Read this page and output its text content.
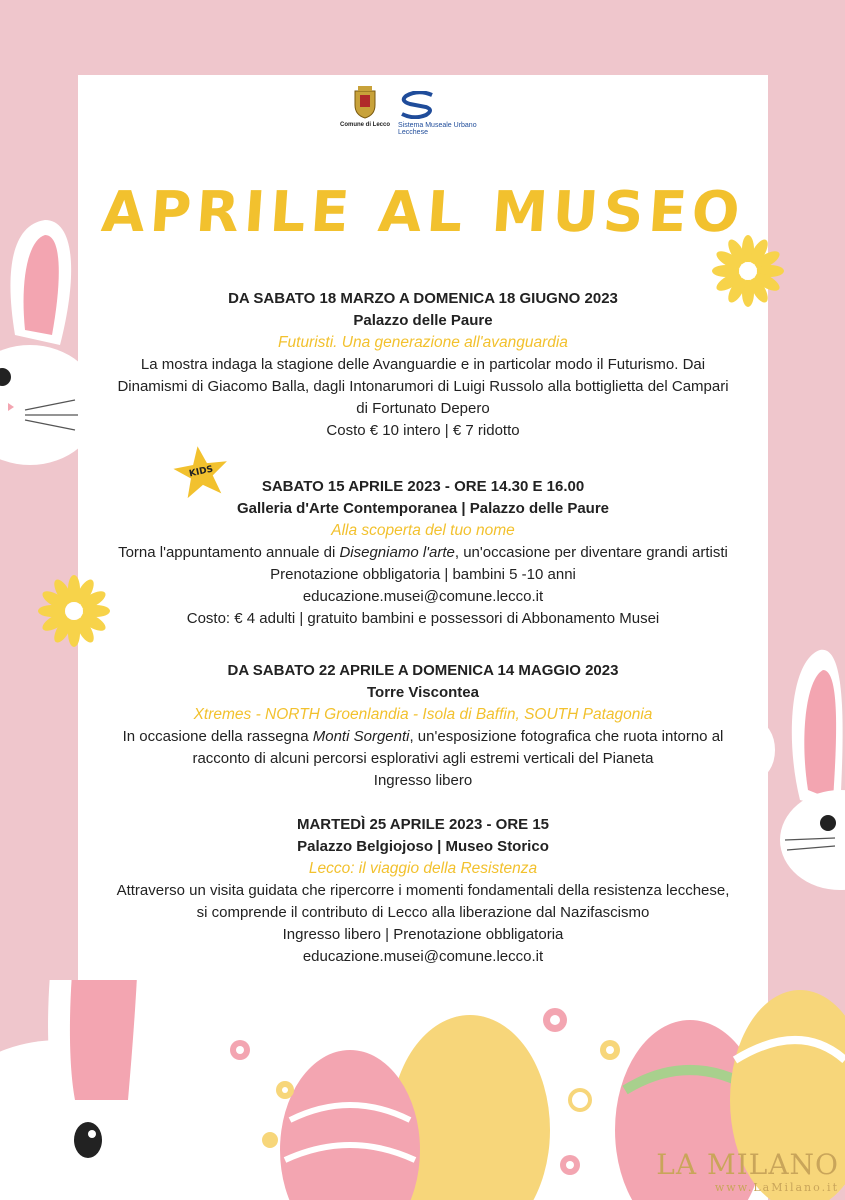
Comune di Lecco Sistema Museale Urbano Lecchese
APRILE AL MUSEO
KIDS
DA SABATO 18 MARZO A DOMENICA 18 GIUGNO 2023
Palazzo delle Paure
Futuristi. Una generazione all'avanguardia
La mostra indaga la stagione delle Avanguardie e in particolar modo il Futurismo. Dai
Dinamismi di Giacomo Balla, dagli Intonarumori di Luigi Russolo alla bottiglietta del Campari
di Fortunato Depero
Costo € 10 intero | € 7 ridotto
SABATO 15 APRILE 2023 - ORE 14.30 E 16.00
Galleria d'Arte Contemporanea | Palazzo delle Paure
Alla scoperta del tuo nome
Torna l'appuntamento annuale di Disegniamo l'arte, un'occasione per diventare grandi artisti
Prenotazione obbligatoria | bambini 5 -10 anni
educazione.musei@comune.lecco.it
Costo: € 4 adulti | gratuito bambini e possessori di Abbonamento Musei
DA SABATO 22 APRILE A DOMENICA 14 MAGGIO 2023
Torre Viscontea
Xtremes - NORTH Groenlandia - Isola di Baffin, SOUTH Patagonia
In occasione della rassegna Monti Sorgenti, un'esposizione fotografica che ruota intorno al
racconto di alcuni percorsi esplorativi agli estremi verticali del Pianeta
Ingresso libero
MARTEDÌ 25 APRILE 2023 - ORE 15
Palazzo Belgiojoso | Museo Storico
Lecco: il viaggio della Resistenza
Attraverso un visita guidata che ripercorre i momenti fondamentali della resistenza lecchese,
si comprende il contributo di Lecco alla liberazione dal Nazifascismo
Ingresso libero | Prenotazione obbligatoria
educazione.musei@comune.lecco.it
LA MILANO
www.LaMilano.it
